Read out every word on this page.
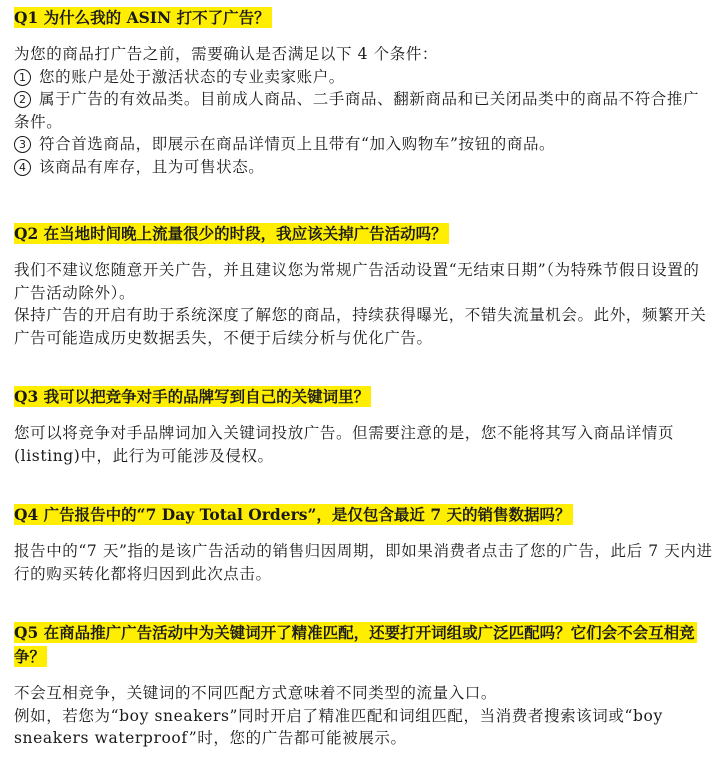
Q1 为什么我的 ASIN 打不了广告？

为您的商品打广告之前，需要确认是否满足以下 4 个条件：

1 您的账户是处于激活状态的专业卖家账户。
2 属于广告的有效品类。目前成人商品、二手商品、翻新商品和已关闭品类中的商品不符合推广条件。
3 符合首选商品，即展示在商品详情页上且带有“加入购物车”按钮的商品。
4 该商品有库存，且为可售状态。
Q2 在当地时间晚上流量很少的时段，我应该关掉广告活动吗？

我们不建议您随意开关广告，并且建议您为常规广告活动设置“无结束日期”（为特殊节假日设置的广告活动除外）。

保持广告的开启有助于系统深度了解您的商品，持续获得曝光，不错失流量机会。此外，频繁开关广告可能造成历史数据丢失，不便于后续分析与优化广告。

Q3 我可以把竞争对手的品牌写到自己的关键词里？

您可以将竞争对手品牌词加入关键词投放广告。但需要注意的是，您不能将其写入商品详情页(listing)中，此行为可能涉及侵权。

Q4 广告报告中的“7 Day Total Orders”，是仅包含最近 7 天的销售数据吗？

报告中的“7 天”指的是该广告活动的销售归因周期，即如果消费者点击了您的广告，此后 7 天内进行的购买转化都将归因到此次点击。

Q5 在商品推广广告活动中为关键词开了精准匹配，还要打开词组或广泛匹配吗？它们会不会互相竞争？

不会互相竞争，关键词的不同匹配方式意味着不同类型的流量入口。

例如，若您为“boy sneakers”同时开启了精准匹配和词组匹配，当消费者搜索该词或“boy sneakers waterproof”时，您的广告都可能被展示。
